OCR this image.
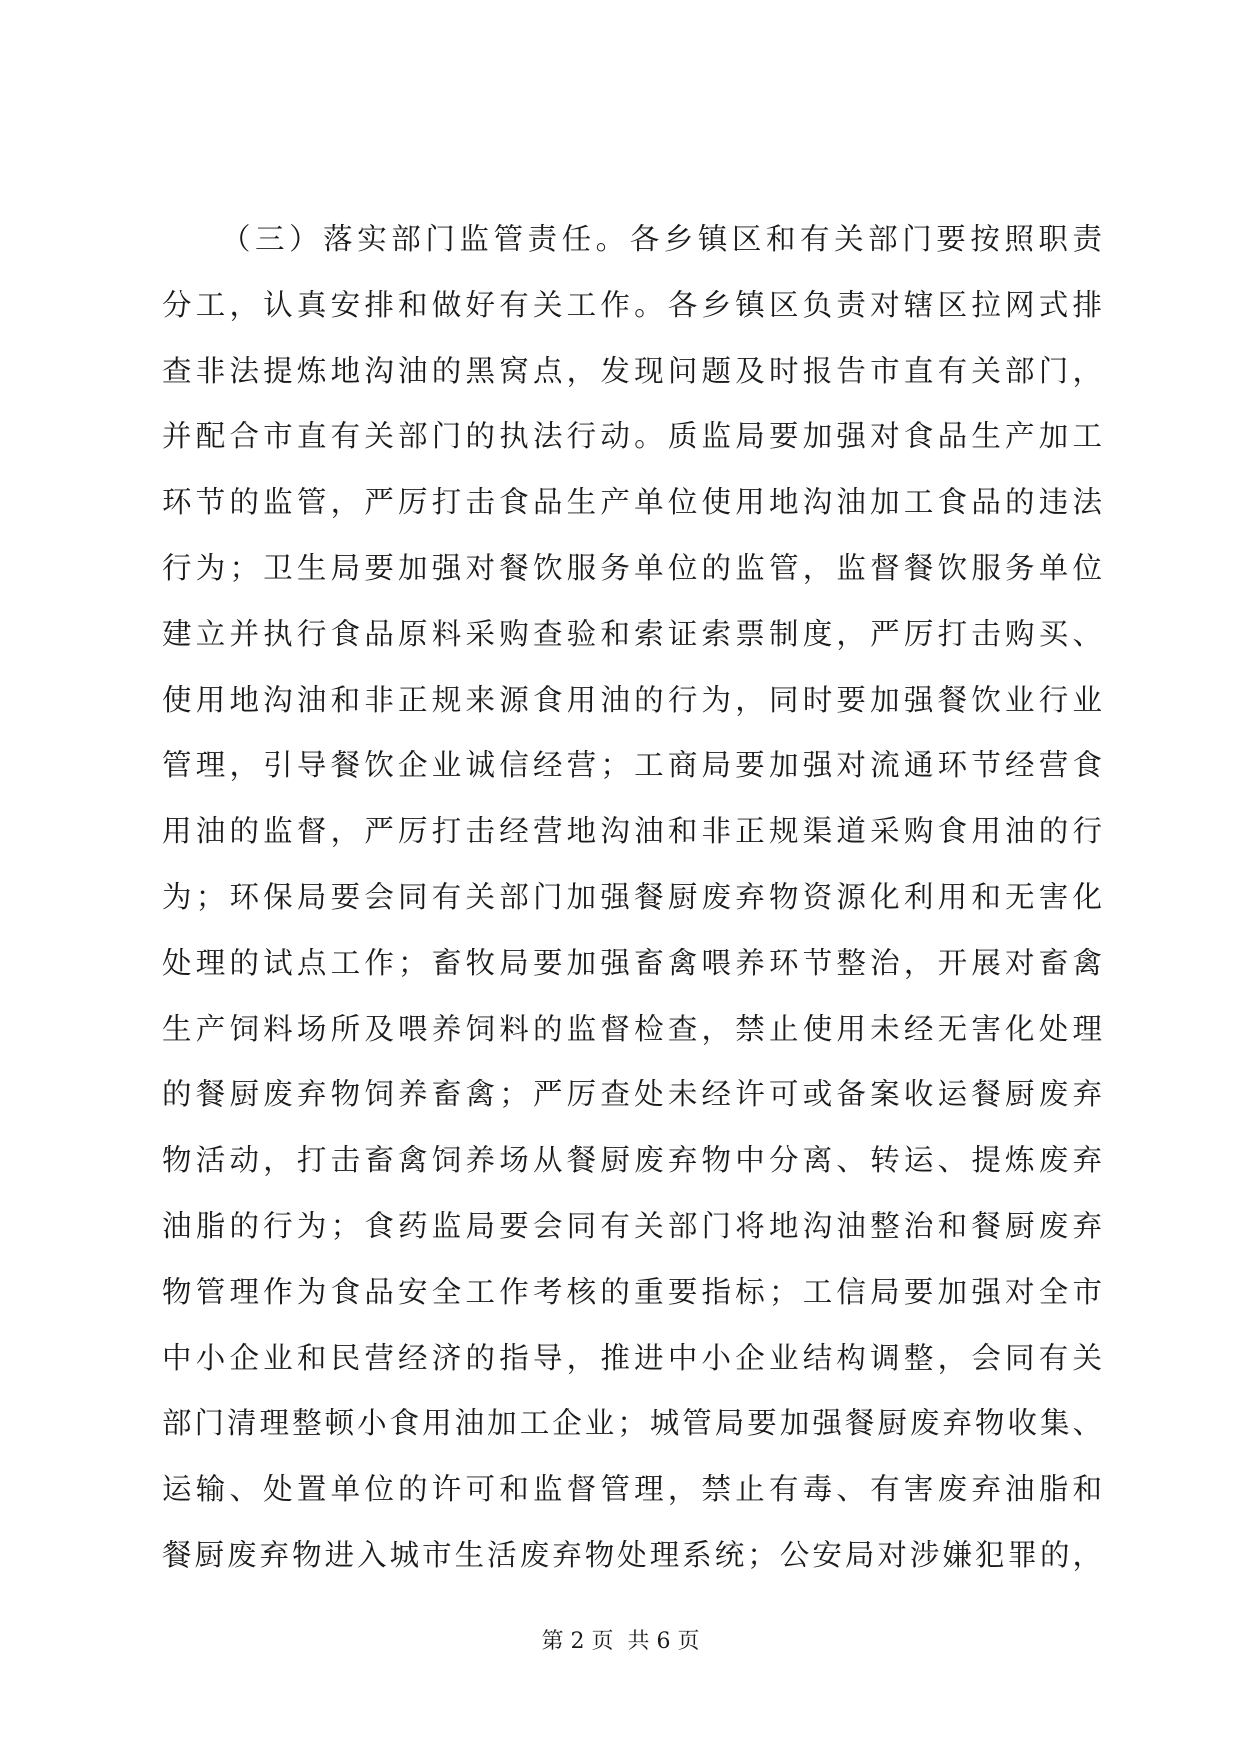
（三）落实部门监管责任。各乡镇区和有关部门要按照职责
分工，认真安排和做好有关工作。各乡镇区负责对辖区拉网式排
查非法提炼地沟油的黑窝点，发现问题及时报告市直有关部门，
并配合市直有关部门的执法行动。质监局要加强对食品生产加工
环节的监管，严厉打击食品生产单位使用地沟油加工食品的违法
行为；卫生局要加强对餐饮服务单位的监管，监督餐饮服务单位
建立并执行食品原料采购查验和索证索票制度，严厉打击购买、
使用地沟油和非正规来源食用油的行为，同时要加强餐饮业行业
管理，引导餐饮企业诚信经营；工商局要加强对流通环节经营食
用油的监督，严厉打击经营地沟油和非正规渠道采购食用油的行
为；环保局要会同有关部门加强餐厨废弃物资源化利用和无害化
处理的试点工作；畜牧局要加强畜禽喂养环节整治，开展对畜禽
生产饲料场所及喂养饲料的监督检查，禁止使用未经无害化处理
的餐厨废弃物饲养畜禽；严厉查处未经许可或备案收运餐厨废弃
物活动，打击畜禽饲养场从餐厨废弃物中分离、转运、提炼废弃
油脂的行为；食药监局要会同有关部门将地沟油整治和餐厨废弃
物管理作为食品安全工作考核的重要指标；工信局要加强对全市
中小企业和民营经济的指导，推进中小企业结构调整，会同有关
部门清理整顿小食用油加工企业；城管局要加强餐厨废弃物收集、
运输、处置单位的许可和监督管理，禁止有毒、有害废弃油脂和
餐厨废弃物进入城市生活废弃物处理系统；公安局对涉嫌犯罪的，
第 2 页  共 6 页
